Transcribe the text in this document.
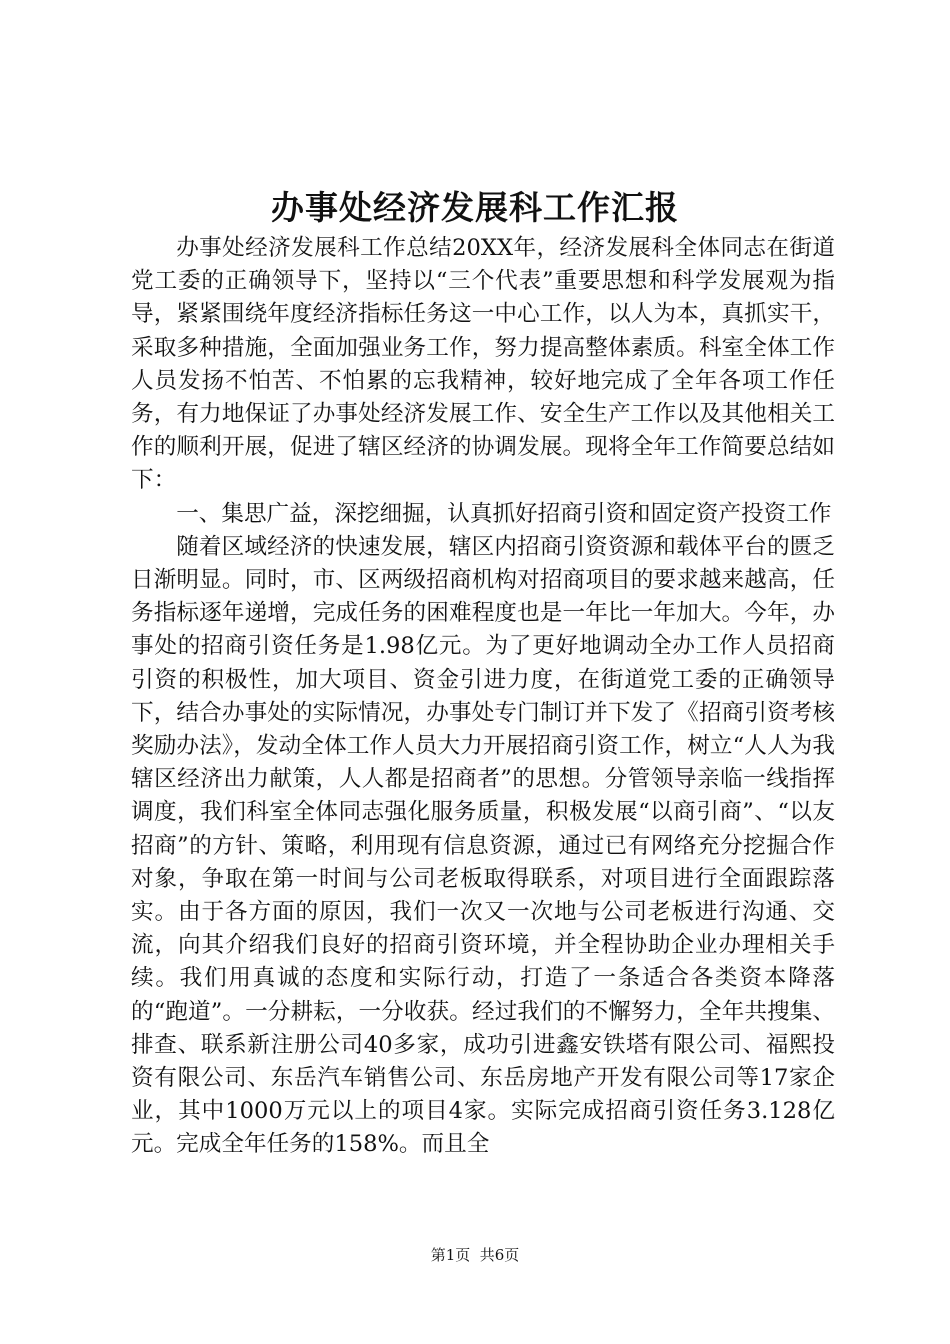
办事处经济发展科工作汇报

办事处经济发展科工作总结20XX年，经济发展科全体同志在街道党工委的正确领导下，坚持以“三个代表”重要思想和科学发展观为指导，紧紧围绕年度经济指标任务这一中心工作，以人为本，真抓实干，采取多种措施，全面加强业务工作，努力提高整体素质。科室全体工作人员发扬不怕苦、不怕累的忘我精神，较好地完成了全年各项工作任务，有力地保证了办事处经济发展工作、安全生产工作以及其他相关工作的顺利开展，促进了辖区经济的协调发展。现将全年工作简要总结如下：

一、集思广益，深挖细掘，认真抓好招商引资和固定资产投资工作

随着区域经济的快速发展，辖区内招商引资资源和载体平台的匮乏日渐明显。同时，市、区两级招商机构对招商项目的要求越来越高，任务指标逐年递增，完成任务的困难程度也是一年比一年加大。今年，办事处的招商引资任务是1.98亿元。为了更好地调动全办工作人员招商引资的积极性，加大项目、资金引进力度，在街道党工委的正确领导下，结合办事处的实际情况，办事处专门制订并下发了《招商引资考核奖励办法》，发动全体工作人员大力开展招商引资工作，树立“人人为我辖区经济出力献策，人人都是招商者”的思想。分管领导亲临一线指挥调度，我们科室全体同志强化服务质量，积极发展“以商引商”、“以友招商”的方针、策略，利用现有信息资源，通过已有网络充分挖掘合作对象，争取在第一时间与公司老板取得联系，对项目进行全面跟踪落实。由于各方面的原因，我们一次又一次地与公司老板进行沟通、交流，向其介绍我们良好的招商引资环境，并全程协助企业办理相关手续。我们用真诚的态度和实际行动，打造了一条适合各类资本降落的“跑道”。一分耕耘，一分收获。经过我们的不懈努力，全年共搜集、排查、联系新注册公司40多家，成功引进鑫安铁塔有限公司、福熙投资有限公司、东岳汽车销售公司、东岳房地产开发有限公司等17家企业，其中1000万元以上的项目4家。实际完成招商引资任务3.128亿元。完成全年任务的158%。而且全

第1页  共6页
